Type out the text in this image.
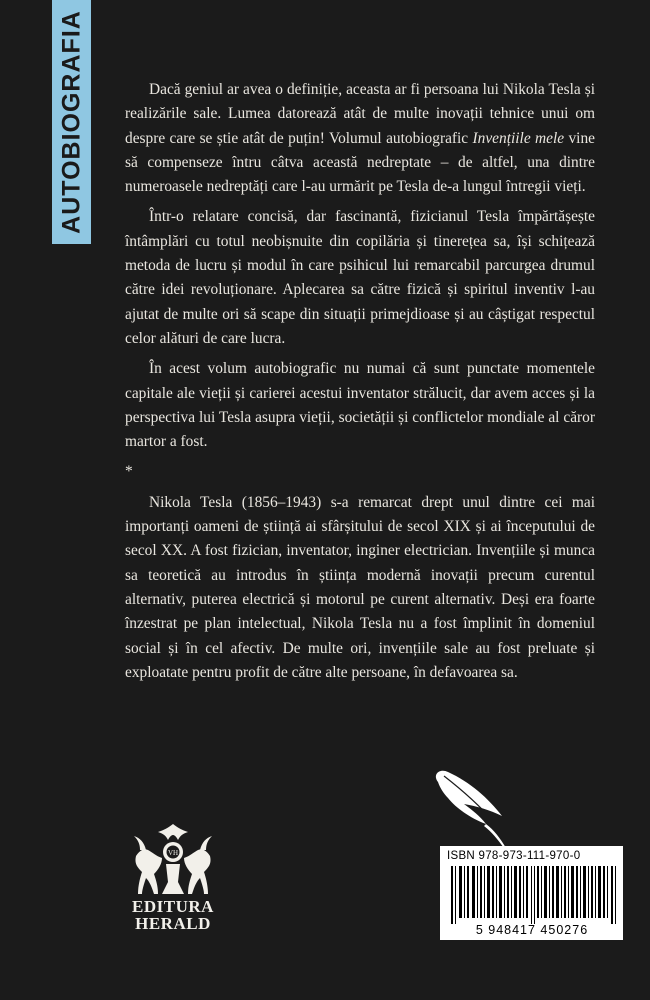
AUTOBIOGRAFIA	Dacă geniul ar avea o definiție, aceasta ar fi persoana lui Nikola Tesla și realizările sale. Lumea datorează atât de multe inovații tehnice unui om despre care se știe atât de puțin! Volumul autobiografic Invențiile mele vine să compenseze întru câtva această nedreptate – de altfel, una dintre numeroasele nedreptăți care l-au urmărit pe Tesla de-a lungul întregii vieți.

Într-o relatare concisă, dar fascinantă, fizicianul Tesla împărtășește întâmplări cu totul neobișnuite din copilăria și tinerețea sa, își schițează metoda de lucru și modul în care psihicul lui remarcabil parcurgea drumul către idei revoluționare. Aplecarea sa către fizică și spiritul inventiv l-au ajutat de multe ori să scape din situații primejdioase și au câștigat respectul celor alături de care lucra.

În acest volum autobiografic nu numai că sunt punctate momentele capitale ale vieții și carierei acestui inventator strălucit, dar avem acces și la perspectiva lui Tesla asupra vieții, societății și conflictelor mondiale al căror martor a fost.

*

Nikola Tesla (1856–1943) s-a remarcat drept unul dintre cei mai importanți oameni de știință ai sfârșitului de secol XIX și ai începutului de secol XX. A fost fizician, inventator, inginer electrician. Invențiile și munca sa teoretică au introdus în știința modernă inovații precum curentul alternativ, puterea electrică și motorul pe curent alternativ. Deși era foarte înzestrat pe plan intelectual, Nikola Tesla nu a fost împlinit în domeniul social și în cel afectiv. De multe ori, invențiile sale au fost preluate și exploatate pentru profit de către alte persoane, în defavoarea sa.

VH
EDITURA
HERALD
ISBN 978-973-111-970-0
5 948417 450276
